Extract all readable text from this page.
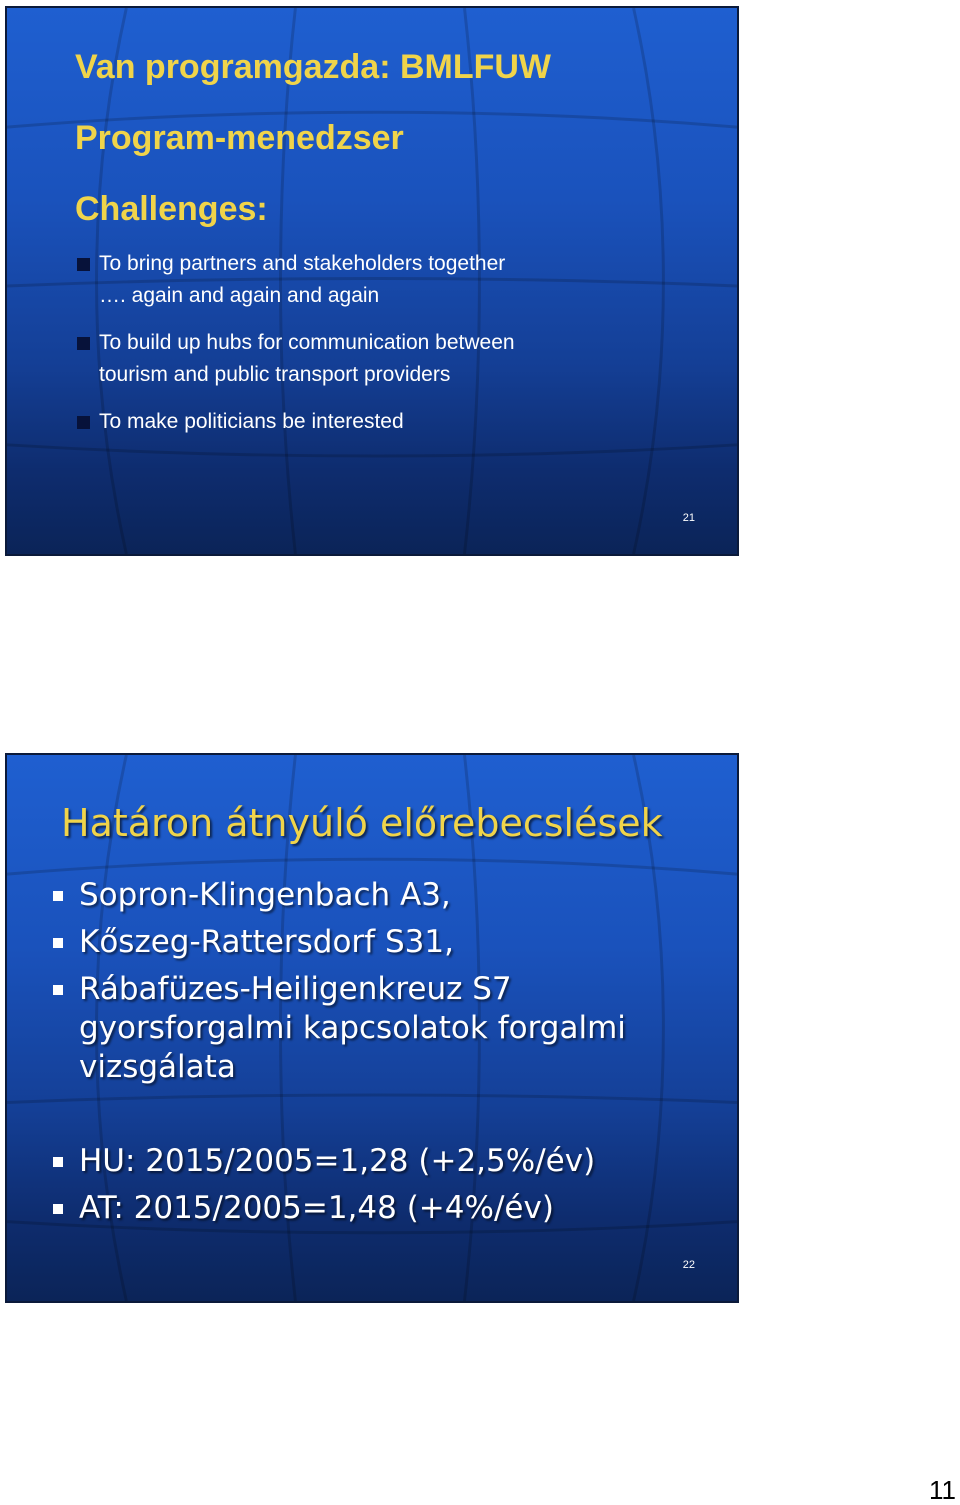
Van programgazda: BMLFUW
Program-menedzser
Challenges:
To bring partners and stakeholders together
…. again and again and again
To build up hubs for communication between
tourism and public transport providers
To make politicians be interested
21
Határon átnyúló előrebecslések
Sopron-Klingenbach A3,
Kőszeg-Rattersdorf S31,
Rábafüzes-Heiligenkreuz S7
gyorsforgalmi kapcsolatok forgalmi
vizsgálata
HU: 2015/2005=1,28 (+2,5%/év)
AT: 2015/2005=1,48 (+4%/év)
22
11
